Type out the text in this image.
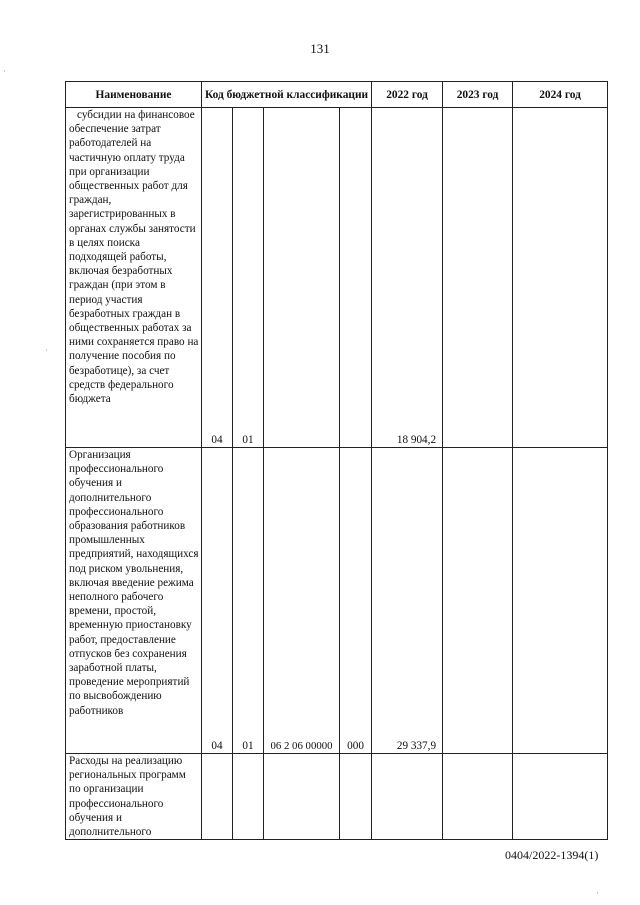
131
Наименование	Код бюджетной классификации				2022 год	2023 год	2024 год
субсидии на финансовое обеспечение затрат работодателей на частичную оплату труда при организации общественных работ для граждан, зарегистрированных в органах службы занятости в целях поиска подходящей работы, включая безработных граждан (при этом в период участия безработных граждан в общественных работах за ними сохраняется право на получение пособия по безработице), за счет средств федерального бюджета	04	01			18 904,2		
Организация профессионального обучения и дополнительного профессионального образования работников промышленных предприятий, находящихся под риском увольнения, включая введение режима неполного рабочего времени, простой, временную приостановку работ, предоставление отпусков без сохранения заработной платы, проведение мероприятий по высвобождению работников	04	01	06 2 06 00000	000	29 337,9		
Расходы на реализацию региональных программ по организации профессионального обучения и дополнительного							
·
·
·
0404/2022-1394(1)
